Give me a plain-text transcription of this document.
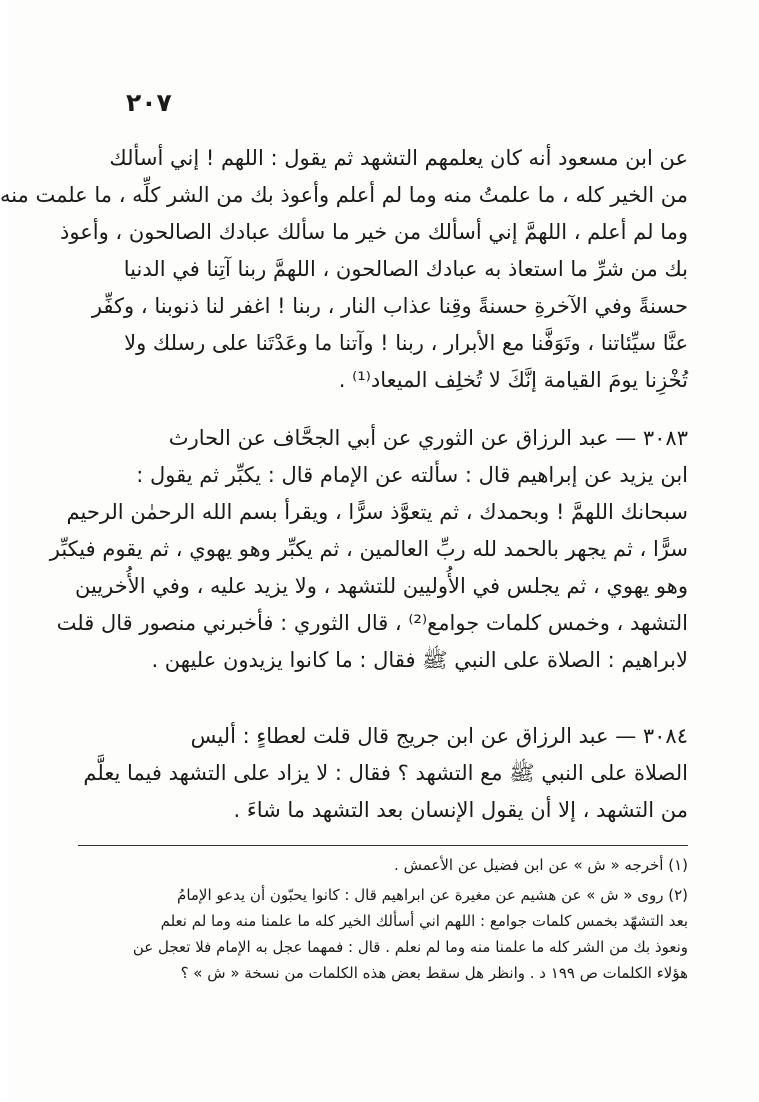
٢٠٧
عن ابن مسعود أنه كان يعلمهم التشهد ثم يقول : اللهم ! إني أسألك
من الخير كله ، ما علمتُ منه وما لم أعلم وأعوذ بك من الشر كلِّه ، ما علمت منه
وما لم أعلم ، اللهمَّ إني أسألك من خير ما سألك عبادك الصالحون ، وأعوذ
بك من شرِّ ما استعاذ به عبادك الصالحون ، اللهمَّ ربنا آتِنا في الدنيا
حسنةً وفي الآخرةِ حسنةً وقِنا عذاب النار ، ربنا ! اغفر لنا ذنوبنا ، وكفِّر
عنَّا سيِّئاتنا ، وتَوَفَّنا مع الأبرار ، ربنا ! وآتنا ما وعَدْتَنا على رسلك ولا
تُخْزِنا يومَ القيامة إنَّكَ لا تُخلِف الميعاد⁽¹⁾ .
٣٠٨٣ — عبد الرزاق عن الثوري عن أبي الجحَّاف عن الحارث
ابن يزيد عن إبراهيم قال : سألته عن الإمام قال : يكبِّر ثم يقول :
سبحانك اللهمَّ ! وبحمدك ، ثم يتعوَّذ سرًّا ، ويقرأ بسم الله الرحمٰن الرحيم
سرًّا ، ثم يجهر بالحمد لله ربِّ العالمين ، ثم يكبِّر وهو يهوي ، ثم يقوم فيكبِّر
وهو يهوي ، ثم يجلس في الأُوليين للتشهد ، ولا يزيد عليه ، وفي الأُخريين
التشهد ، وخمس كلمات جوامع⁽²⁾ ، قال الثوري : فأخبرني منصور قال قلت
لابراهيم : الصلاة على النبي ﷺ فقال : ما كانوا يزيدون عليهن .
٣٠٨٤ — عبد الرزاق عن ابن جريج قال قلت لعطاءٍ : أليس
الصلاة على النبي ﷺ مع التشهد ؟ فقال : لا يزاد على التشهد فيما يعلَّم
من التشهد ، إلا أن يقول الإنسان بعد التشهد ما شاءَ .
(١) أخرجه « ش » عن ابن فضيل عن الأعمش .
(٢) روى « ش » عن هشيم عن مغيرة عن ابراهيم قال : كانوا يحبّون أن يدعو الإمامُ
بعد التشهّد بخمس كلمات جوامع : اللهم اني أسألك الخير كله ما علمنا منه وما لم نعلم
ونعوذ بك من الشر كله ما علمنا منه وما لم نعلم . قال : فمهما عجل به الإمام فلا تعجل عن
هؤلاء الكلمات ص ١٩٩ د . وانظر هل سقط بعض هذه الكلمات من نسخة « ش » ؟
